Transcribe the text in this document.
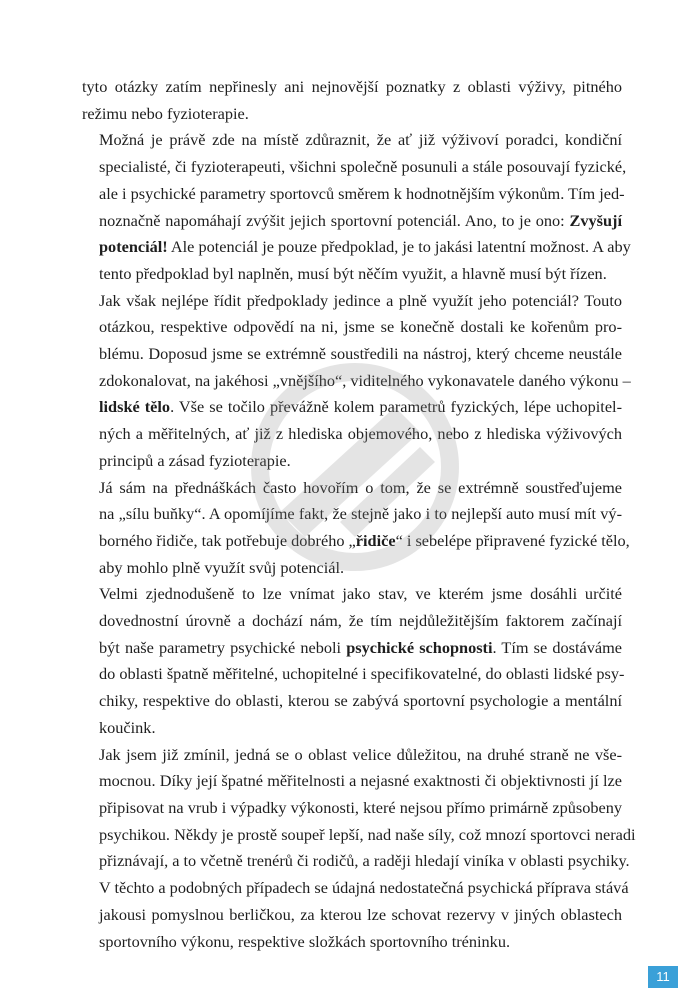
tyto otázky zatím nepřinesly ani nejnovější poznatky z oblasti výživy, pitného
režimu nebo fyzioterapie.

Možná je právě zde na místě zdůraznit, že ať již výživoví poradci, kondiční
specialisté, či fyzioterapeuti, všichni společně posunuli a stále posouvají fyzické,
ale i psychické parametry sportovců směrem k hodnotnějším výkonům. Tím jed-
noznačně napomáhají zvýšit jejich sportovní potenciál. Ano, to je ono: Zvyšují
potenciál! Ale potenciál je pouze předpoklad, je to jakási latentní možnost. A aby
tento předpoklad byl naplněn, musí být něčím využit, a hlavně musí být řízen.

Jak však nejlépe řídit předpoklady jedince a plně využít jeho potenciál? Touto
otázkou, respektive odpovědí na ni, jsme se konečně dostali ke kořenům pro-
blému. Doposud jsme se extrémně soustředili na nástroj, který chceme neustále
zdokonalovat, na jakéhosi „vnějšího“, viditelného vykonavatele daného výkonu –
lidské tělo. Vše se točilo převážně kolem parametrů fyzických, lépe uchopitel-
ných a měřitelných, ať již z hlediska objemového, nebo z hlediska výživových
principů a zásad fyzioterapie.

Já sám na přednáškách často hovořím o tom, že se extrémně soustřeďujeme
na „sílu buňky“. A opomíjíme fakt, že stejně jako i to nejlepší auto musí mít vý-
borného řidiče, tak potřebuje dobrého „řidiče“ i sebelépe připravené fyzické tělo,
aby mohlo plně využít svůj potenciál.

Velmi zjednodušeně to lze vnímat jako stav, ve kterém jsme dosáhli určité
dovednostní úrovně a dochází nám, že tím nejdůležitějším faktorem začínají
být naše parametry psychické neboli psychické schopnosti. Tím se dostáváme
do oblasti špatně měřitelné, uchopitelné i specifikovatelné, do oblasti lidské psy-
chiky, respektive do oblasti, kterou se zabývá sportovní psychologie a mentální
koučink.

Jak jsem již zmínil, jedná se o oblast velice důležitou, na druhé straně ne vše-
mocnou. Díky její špatné měřitelnosti a nejasné exaktnosti či objektivnosti jí lze
připisovat na vrub i výpadky výkonosti, které nejsou přímo primárně způsobeny
psychikou. Někdy je prostě soupeř lepší, nad naše síly, což mnozí sportovci neradi
přiznávají, a to včetně trenérů či rodičů, a raději hledají viníka v oblasti psychiky.
V těchto a podobných případech se údajná nedostatečná psychická příprava stává
jakousi pomyslnou berličkou, za kterou lze schovat rezervy v jiných oblastech
sportovního výkonu, respektive složkách sportovního tréninku.

11
